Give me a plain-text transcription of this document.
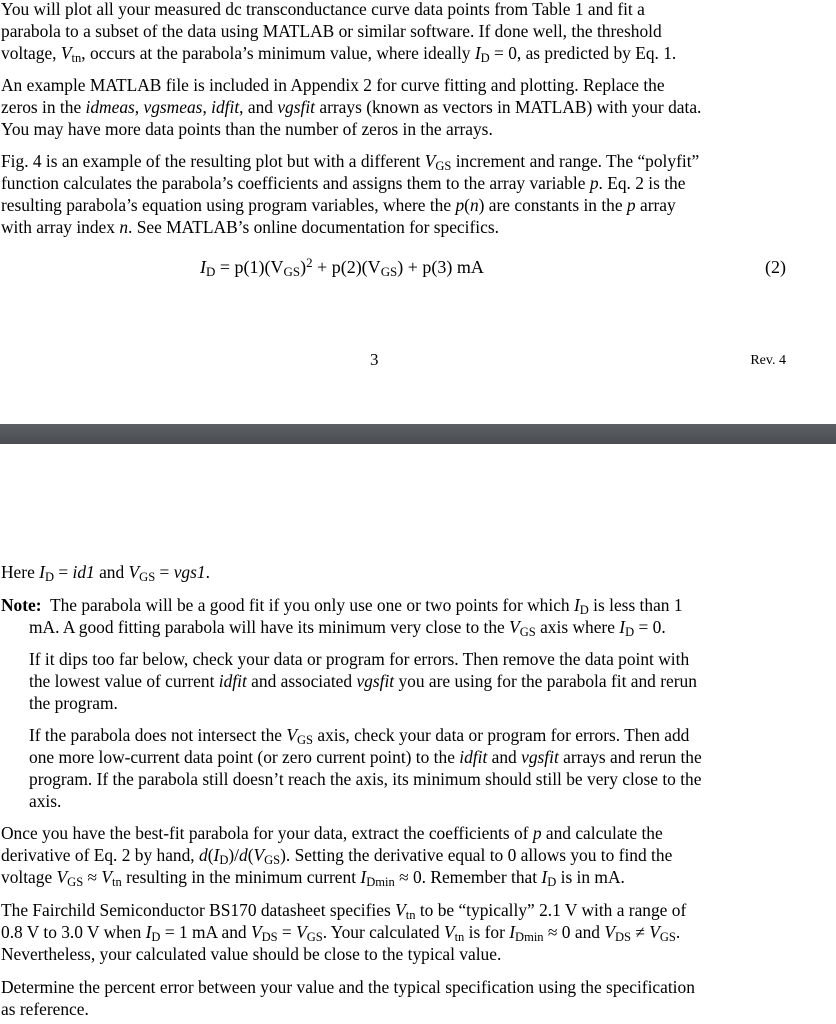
You will plot all your measured dc transconductance curve data points from Table 1 and fit a
parabola to a subset of the data using MATLAB or similar software. If done well, the threshold
voltage, $V_{tn}$, occurs at the parabola’s minimum value, where ideally $I_D = 0$, as predicted by Eq. 1.
An example MATLAB file is included in Appendix 2 for curve fitting and plotting. Replace the
zeros in the idmeas, vgsmeas, idfit, and vgsfit arrays (known as vectors in MATLAB) with your data.
You may have more data points than the number of zeros in the arrays.
Fig. 4 is an example of the resulting plot but with a different $V_{GS}$ increment and range. The “polyfit”
function calculates the parabola’s coefficients and assigns them to the array variable p. Eq. 2 is the
resulting parabola’s equation using program variables, where the p(n) are constants in the p array
with array index n. See MATLAB’s online documentation for specifics.
$I_D = p(1)(V_{GS})^2 + p(2)(V_{GS}) + p(3)$ mA	(2)
3	Rev. 4
Here $I_D = id1$ and $V_{GS} = vgs1$.
Note: The parabola will be a good fit if you only use one or two points for which $I_D$ is less than 1
mA. A good fitting parabola will have its minimum very close to the $V_{GS}$ axis where $I_D = 0$.
If it dips too far below, check your data or program for errors. Then remove the data point with
the lowest value of current idfit and associated vgsfit you are using for the parabola fit and rerun
the program.
If the parabola does not intersect the $V_{GS}$ axis, check your data or program for errors. Then add
one more low-current data point (or zero current point) to the idfit and vgsfit arrays and rerun the
program. If the parabola still doesn’t reach the axis, its minimum should still be very close to the
axis.
Once you have the best-fit parabola for your data, extract the coefficients of p and calculate the
derivative of Eq. 2 by hand, $d(I_D)/d(V_{GS})$. Setting the derivative equal to 0 allows you to find the
voltage $V_{GS} \approx V_{tn}$ resulting in the minimum current $I_{Dmin} \approx 0$. Remember that $I_D$ is in mA.
The Fairchild Semiconductor BS170 datasheet specifies $V_{tn}$ to be “typically” 2.1 V with a range of
0.8 V to 3.0 V when $I_D = 1$ mA and $V_{DS} = V_{GS}$. Your calculated $V_{tn}$ is for $I_{Dmin} \approx 0$ and $V_{DS} \ne V_{GS}$.
Nevertheless, your calculated value should be close to the typical value.
Determine the percent error between your value and the typical specification using the specification
as reference.
